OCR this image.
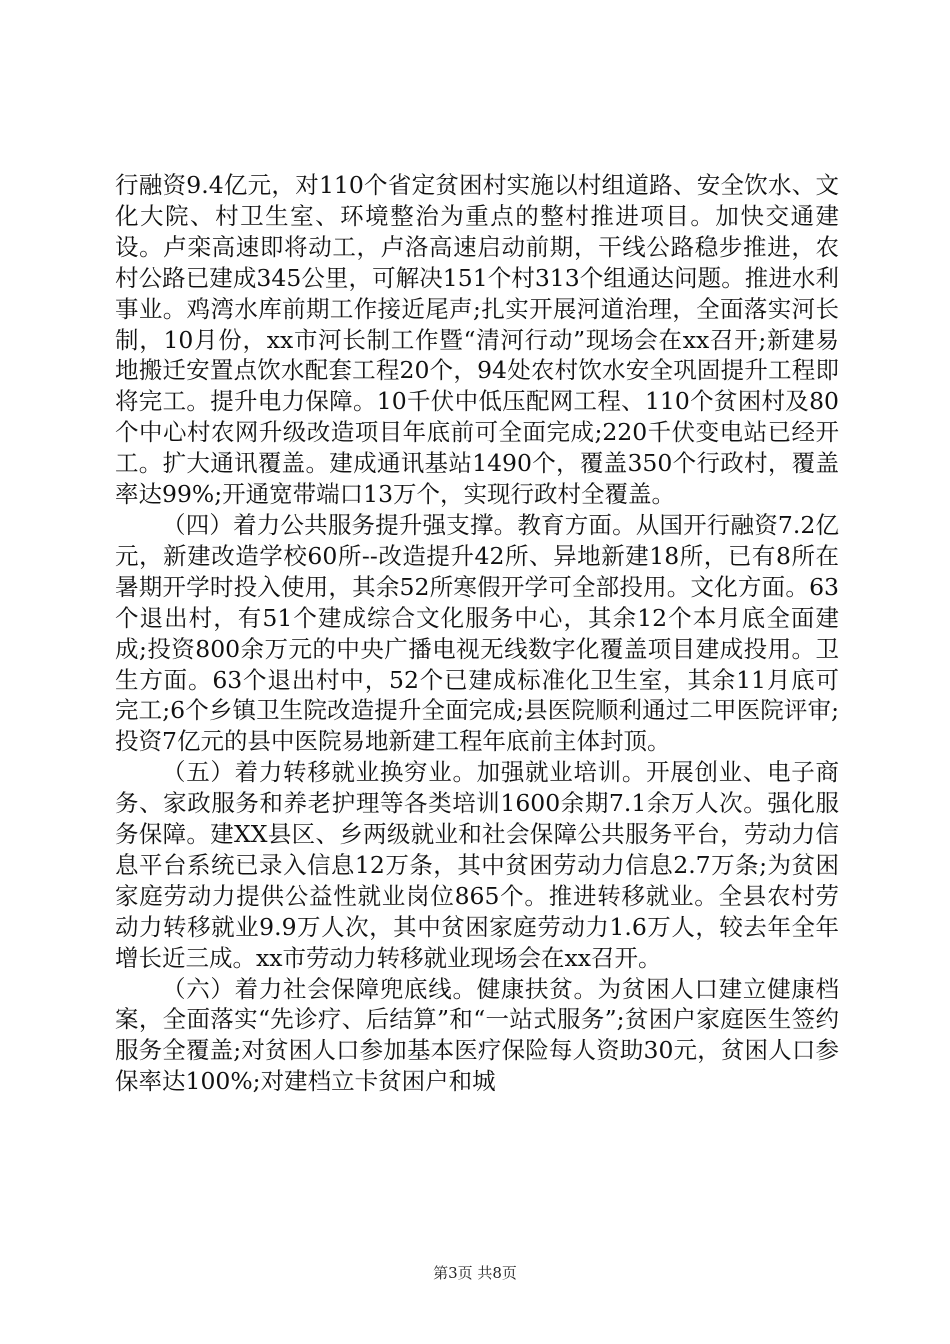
行融资9.4亿元，对110个省定贫困村实施以村组道路、安全饮水、文化大院、村卫生室、环境整治为重点的整村推进项目。加快交通建设。卢栾高速即将动工，卢洛高速启动前期，干线公路稳步推进，农村公路已建成345公里，可解决151个村313个组通达问题。推进水利事业。鸡湾水库前期工作接近尾声;扎实开展河道治理，全面落实河长制，10月份，xx市河长制工作暨“清河行动”现场会在xx召开;新建易地搬迁安置点饮水配套工程20个，94处农村饮水安全巩固提升工程即将完工。提升电力保障。10千伏中低压配网工程、110个贫困村及80个中心村农网升级改造项目年底前可全面完成;220千伏变电站已经开工。扩大通讯覆盖。建成通讯基站1490个，覆盖350个行政村，覆盖率达99%;开通宽带端口13万个，实现行政村全覆盖。

（四）着力公共服务提升强支撑。教育方面。从国开行融资7.2亿元，新建改造学校60所--改造提升42所、异地新建18所，已有8所在暑期开学时投入使用，其余52所寒假开学可全部投用。文化方面。63个退出村，有51个建成综合文化服务中心，其余12个本月底全面建成;投资800余万元的中央广播电视无线数字化覆盖项目建成投用。卫生方面。63个退出村中，52个已建成标准化卫生室，其余11月底可完工;6个乡镇卫生院改造提升全面完成;县医院顺利通过二甲医院评审;投资7亿元的县中医院易地新建工程年底前主体封顶。

（五）着力转移就业换穷业。加强就业培训。开展创业、电子商务、家政服务和养老护理等各类培训1600余期7.1余万人次。强化服务保障。建XX县区、乡两级就业和社会保障公共服务平台，劳动力信息平台系统已录入信息12万条，其中贫困劳动力信息2.7万条;为贫困家庭劳动力提供公益性就业岗位865个。推进转移就业。全县农村劳动力转移就业9.9万人次，其中贫困家庭劳动力1.6万人，较去年全年增长近三成。xx市劳动力转移就业现场会在xx召开。

（六）着力社会保障兜底线。健康扶贫。为贫困人口建立健康档案，全面落实“先诊疗、后结算”和“一站式服务”;贫困户家庭医生签约服务全覆盖;对贫困人口参加基本医疗保险每人资助30元，贫困人口参保率达100%;对建档立卡贫困户和城

第3页 共8页
